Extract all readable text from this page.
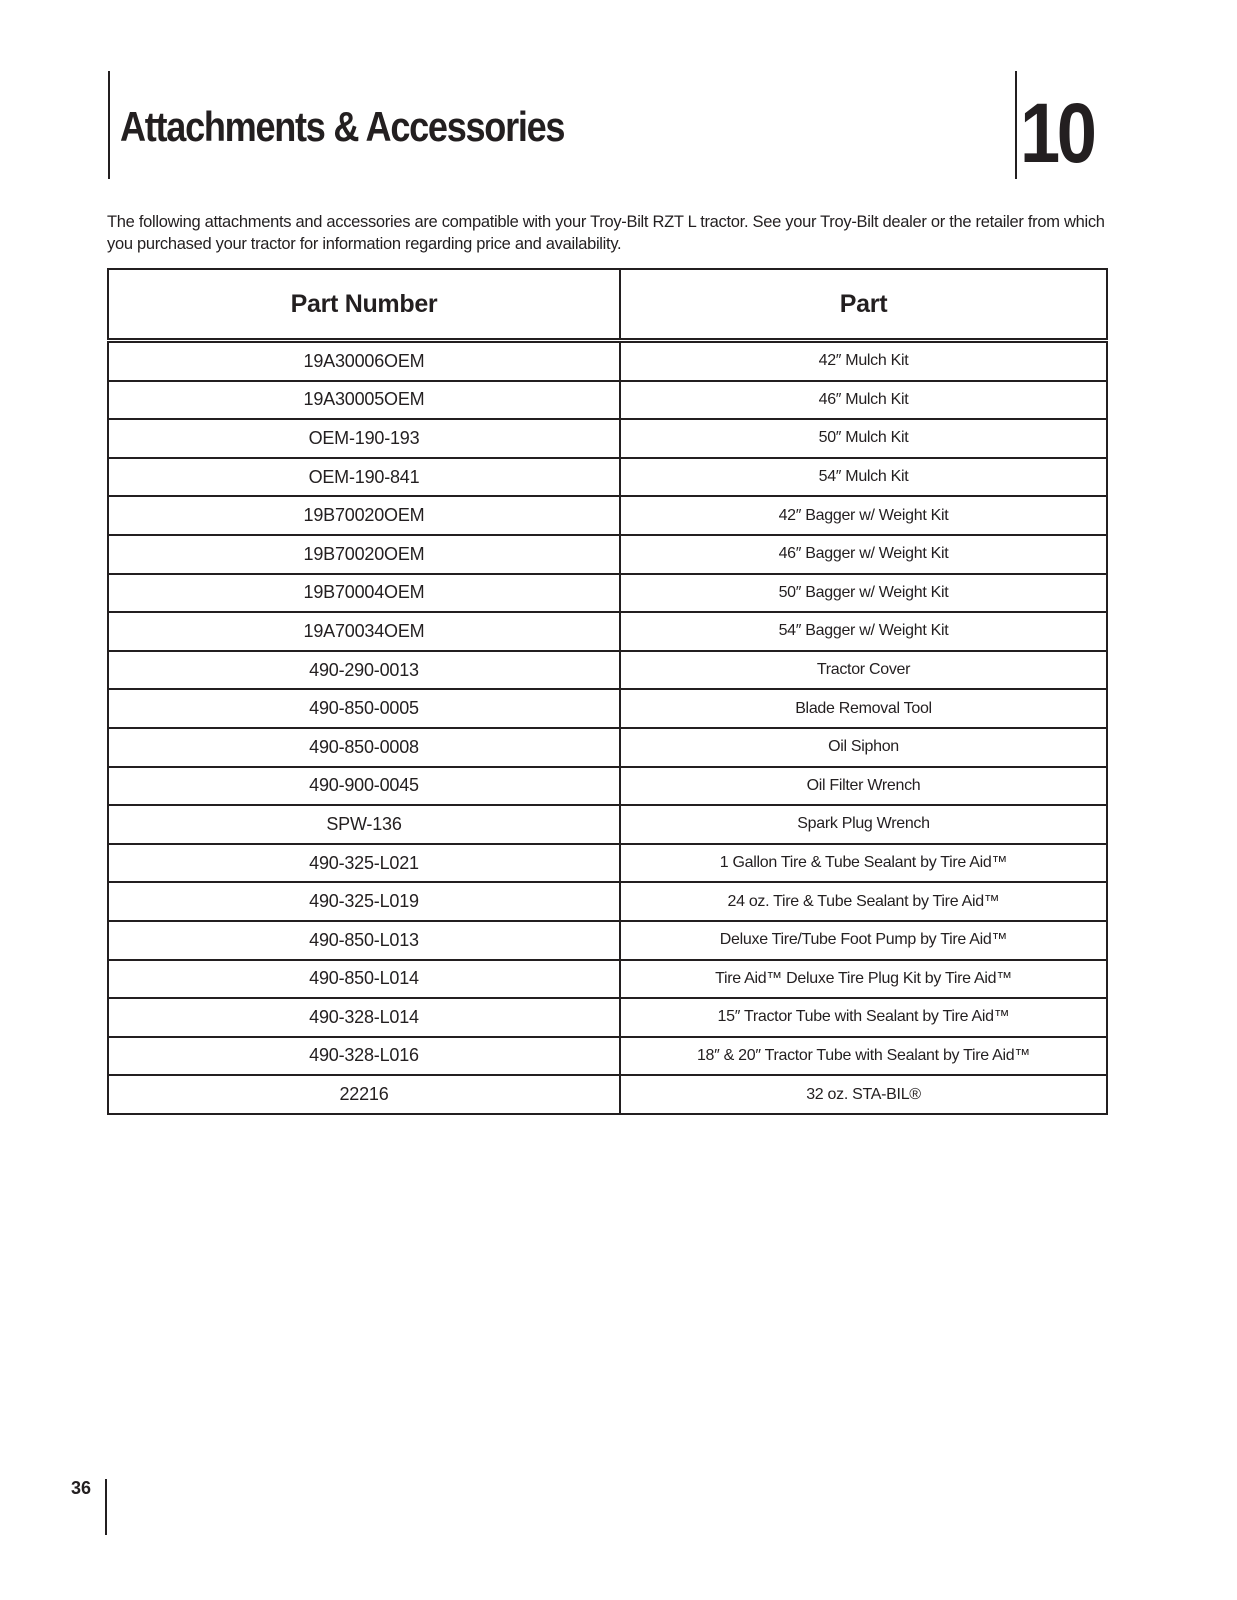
Attachments & Accessories	10

The following attachments and accessories are compatible with your Troy-Bilt RZT L tractor. See your Troy-Bilt dealer or the retailer from which you purchased your tractor for information regarding price and availability.

Part Number	Part
19A30006OEM	42″ Mulch Kit
19A30005OEM	46″ Mulch Kit
OEM-190-193	50″ Mulch Kit
OEM-190-841	54″ Mulch Kit
19B70020OEM	42″ Bagger w/ Weight Kit
19B70020OEM	46″ Bagger w/ Weight Kit
19B70004OEM	50″ Bagger w/ Weight Kit
19A70034OEM	54″ Bagger w/ Weight Kit
490-290-0013	Tractor Cover
490-850-0005	Blade Removal Tool
490-850-0008	Oil Siphon
490-900-0045	Oil Filter Wrench
SPW-136	Spark Plug Wrench
490-325-L021	1 Gallon Tire & Tube Sealant by Tire Aid™
490-325-L019	24 oz. Tire & Tube Sealant by Tire Aid™
490-850-L013	Deluxe Tire/Tube Foot Pump by Tire Aid™
490-850-L014	Tire Aid™ Deluxe Tire Plug Kit by Tire Aid™
490-328-L014	15″ Tractor Tube with Sealant by Tire Aid™
490-328-L016	18″ & 20″ Tractor Tube with Sealant by Tire Aid™
22216	32 oz. STA-BIL®
36
